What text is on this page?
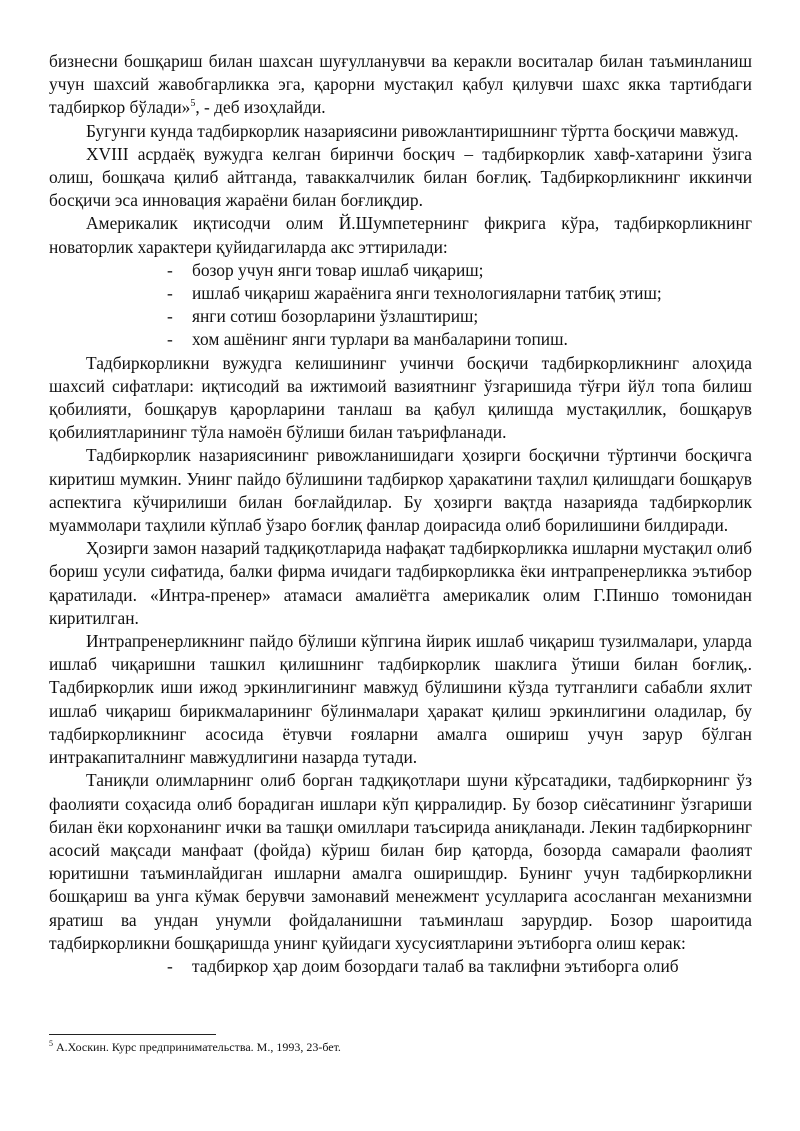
бизнесни бошқариш билан шахсан шуғулланувчи ва керакли воситалар билан таъминланиш учун шахсий жавобгарликка эга, қарорни мустақил қабул қилувчи шахс якка тартибдаги тадбиркор бўлади»$^5$, - деб изоҳлайди.

Бугунги кунда тадбиркорлик назариясини ривожлантиришнинг тўртта босқичи мавжуд.

XVIII асрдаёқ вужудга келган биринчи босқич – тадбиркорлик хавф-хатарини ўзига олиш, бошқача қилиб айтганда, таваккалчилик билан боғлиқ. Тадбиркорликнинг иккинчи босқичи эса инновация жараёни билан боғлиқдир.

Америкалик иқтисодчи олим Й.Шумпетернинг фикрига кўра, тадбиркорликнинг новаторлик характери қуйидагиларда акс эттирилади:

- бозор учун янги товар ишлаб чиқариш;
- ишлаб чиқариш жараёнига янги технологияларни татбиқ этиш;
- янги сотиш бозорларини ўзлаштириш;
- хом ашёнинг янги турлари ва манбаларини топиш.

Тадбиркорликни вужудга келишининг учинчи босқичи тадбиркорликнинг алоҳида шахсий сифатлари: иқтисодий ва ижтимоий вазиятнинг ўзгаришида тўғри йўл топа билиш қобилияти, бошқарув қарорларини танлаш ва қабул қилишда мустақиллик, бошқарув қобилиятларининг тўла намоён бўлиши билан таърифланади.

Тадбиркорлик назариясининг ривожланишидаги ҳозирги босқични тўртинчи босқичга киритиш мумкин. Унинг пайдо бўлишини тадбиркор ҳаракатини таҳлил қилишдаги бошқарув аспектига кўчирилиши билан боғлайдилар. Бу ҳозирги вақтда назарияда тадбиркорлик муаммолари таҳлили кўплаб ўзаро боғлиқ фанлар доирасида олиб борилишини билдиради.

Ҳозирги замон назарий тадқиқотларида нафақат тадбиркорликка ишларни мустақил олиб бориш усули сифатида, балки фирма ичидаги тадбиркорликка ёки интрапренерликка эътибор қаратилади. «Интра-пренер» атамаси амалиётга америкалик олим Г.Пиншо томонидан киритилган.

Интрапренерликнинг пайдо бўлиши кўпгина йирик ишлаб чиқариш тузилмалари, уларда ишлаб чиқаришни ташкил қилишнинг тадбиркорлик шаклига ўтиши билан боғлиқ,. Тадбиркорлик иши ижод эркинлигининг мавжуд бўлишини кўзда тутганлиги сабабли яхлит ишлаб чиқариш бирикмаларининг бўлинмалари ҳаракат қилиш эркинлигини оладилар, бу тадбиркорликнинг асосида ётувчи ғояларни амалга ошириш учун зарур бўлган интракапиталнинг мавжудлигини назарда тутади.

Таниқли олимларнинг олиб борган тадқиқотлари шуни кўрсатадики, тадбиркорнинг ўз фаолияти соҳасида олиб борадиган ишлари кўп қирралидир. Бу бозор сиёсатининг ўзгариши билан ёки корхонанинг ички ва ташқи омиллари таъсирида аниқланади. Лекин тадбиркорнинг асосий мақсади манфаат (фойда) кўриш билан бир қаторда, бозорда самарали фаолият юритишни таъминлайдиган ишларни амалга оширишдир. Бунинг учун тадбиркорликни бошқариш ва унга кўмак берувчи замонавий менежмент усулларига асосланган механизмни яратиш ва ундан унумли фойдаланишни таъминлаш зарурдир. Бозор шароитида тадбиркорликни бошқаришда унинг қуйидаги хусусиятларини эътиборга олиш керак:

- тадбиркор ҳар доим бозордаги талаб ва таклифни эътиборга олиб
$^5$ А.Хоскин. Курс предпринимательства. М., 1993, 23-бет.
